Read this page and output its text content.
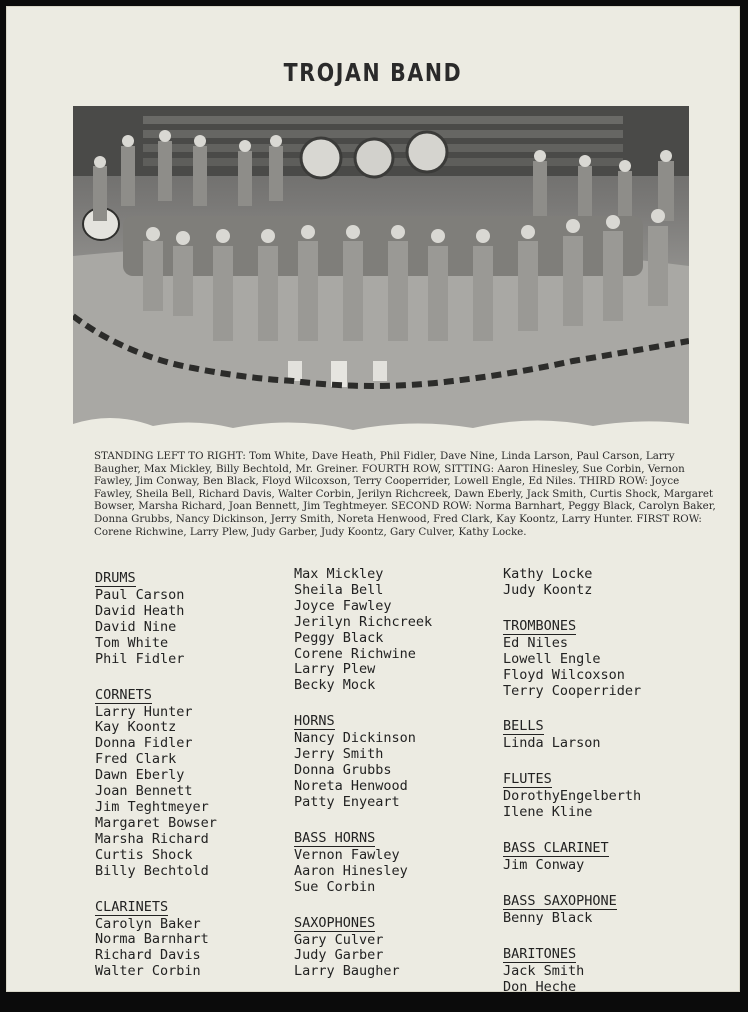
TROJAN BAND
STANDING LEFT TO RIGHT: Tom White, Dave Heath, Phil Fidler, Dave Nine, Linda Larson, Paul Carson, Larry Baugher, Max Mickley, Billy Bechtold, Mr. Greiner. FOURTH ROW, SITTING: Aaron Hinesley, Sue Corbin, Vernon Fawley, Jim Conway, Ben Black, Floyd Wilcoxson, Terry Cooperrider, Lowell Engle, Ed Niles. THIRD ROW: Joyce Fawley, Sheila Bell, Richard Davis, Walter Corbin, Jerilyn Richcreek, Dawn Eberly, Jack Smith, Curtis Shock, Margaret Bowser, Marsha Richard, Joan Bennett, Jim Teghtmeyer. SECOND ROW: Norma Barnhart, Peggy Black, Carolyn Baker, Donna Grubbs, Nancy Dickinson, Jerry Smith, Noreta Henwood, Fred Clark, Kay Koontz, Larry Hunter. FIRST ROW: Corene Richwine, Larry Plew, Judy Garber, Judy Koontz, Gary Culver, Kathy Locke.
DRUMS
Paul Carson
David Heath
David Nine
Tom White
Phil Fidler
CORNETS
Larry Hunter
Kay Koontz
Donna Fidler
Fred Clark
Dawn Eberly
Joan Bennett
Jim Teghtmeyer
Margaret Bowser
Marsha Richard
Curtis Shock
Billy Bechtold
CLARINETS
Carolyn Baker
Norma Barnhart
Richard Davis
Walter Corbin
Max Mickley
Sheila Bell
Joyce Fawley
Jerilyn Richcreek
Peggy Black
Corene Richwine
Larry Plew
Becky Mock
HORNS
Nancy Dickinson
Jerry Smith
Donna Grubbs
Noreta Henwood
Patty Enyeart
BASS HORNS
Vernon Fawley
Aaron Hinesley
Sue Corbin
SAXOPHONES
Gary Culver
Judy Garber
Larry Baugher
Kathy Locke
Judy Koontz
TROMBONES
Ed Niles
Lowell Engle
Floyd Wilcoxson
Terry Cooperrider
BELLS
Linda Larson
FLUTES
DorothyEngelberth
Ilene Kline
BASS CLARINET
Jim Conway
BASS SAXOPHONE
Benny Black
BARITONES
Jack Smith
Don Heche
